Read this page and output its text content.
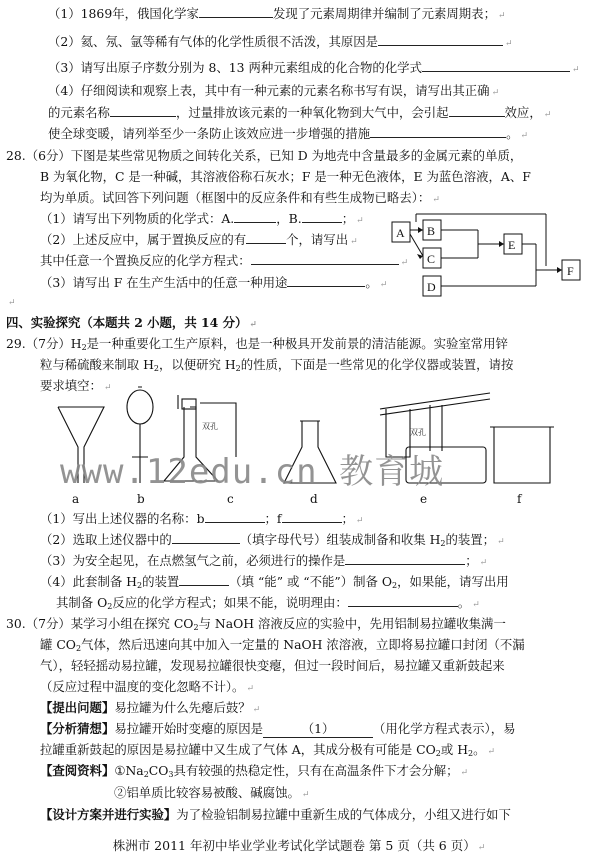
（1）1869年，俄国化学家	发现了元素周期律并编制了元素周期表； ↵
（2）氦、氖、氩等稀有气体的化学性质很不活泼，其原因是	↵
（3）请写出原子序数分别为 8、13 两种元素组成的化合物的化学式	↵
（4）仔细阅读和观察上表，其中有一种元素的元素名称书写有误，请写出其正确 ↵
的元素名称	，过量排放该元素的一种氧化物到大气中，会引起	效应， ↵
使全球变暖，请列举至少一条防止该效应进一步增强的措施	。 ↵
28.（6分）下图是某些常见物质之间转化关系，已知 D 为地壳中含量最多的金属元素的单质，
B 为氧化物，C 是一种碱，其溶液俗称石灰水；F 是一种无色液体，E 为蓝色溶液，A、F
均为单质。试回答下列问题（框图中的反应条件和有些生成物已略去）： ↵
（1）请写出下列物质的化学式：A.	，B.	； ↵
（2）上述反应中，属于置换反应的有	个，请写出 ↵
其中任意一个置换反应的化学方程式：	↵
（3）请写出 F 在生产生活中的任意一种用途	。 ↵
↵
A B
C
D
E
F
四、实验探究（本题共 2 小题，共 14 分） ↵
29.（7分）$H_2$是一种重要化工生产原料，也是一种极具开发前景的清洁能源。实验室常用锌
粒与稀硫酸来制取 $H_2$，以便研究 $H_2$的性质，下面是一些常见的化学仪器或装置，请按
要求填空： ↵
双孔
双孔
www.12edu.cn 教育城
a	b	c	d	e	f
（1）写出上述仪器的名称：b	；f	； ↵
（2）选取上述仪器中的	（填字母代号）组装成制备和收集 $H_2$的装置； ↵
（3）为安全起见，在点燃氢气之前，必须进行的操作是	； ↵
（4）此套制备 $H_2$的装置	（填 “能” 或 “不能”）制备 $O_2$，如果能，请写出用
其制备 $O_2$反应的化学方程式；如果不能，说明理由：	。 ↵
30.（7分）某学习小组在探究 $CO_2$与 NaOH 溶液反应的实验中，先用铝制易拉罐收集满一
罐 $CO_2$气体，然后迅速向其中加入一定量的 NaOH 浓溶液，立即将易拉罐口封闭（不漏
气），轻轻摇动易拉罐，发现易拉罐很快变瘪，但过一段时间后，易拉罐又重新鼓起来
（反应过程中温度的变化忽略不计）。 ↵
【提出问题】易拉罐为什么先瘪后鼓？ ↵
【分析猜想】易拉罐开始时变瘪的原因是	（1）	（用化学方程式表示），易
拉罐重新鼓起的原因是易拉罐中又生成了气体 A，其成分极有可能是 $CO_2$或 $H_2$。 ↵
【查阅资料】$①Na_2CO_3$具有较强的热稳定性，只有在高温条件下才会分解； ↵
②铝单质比较容易被酸、碱腐蚀。 ↵
【设计方案并进行实验】为了检验铝制易拉罐中重新生成的气体成分，小组又进行如下
株洲市 2011 年初中毕业学业考试化学试题卷 第 5 页（共 6 页） ↵
